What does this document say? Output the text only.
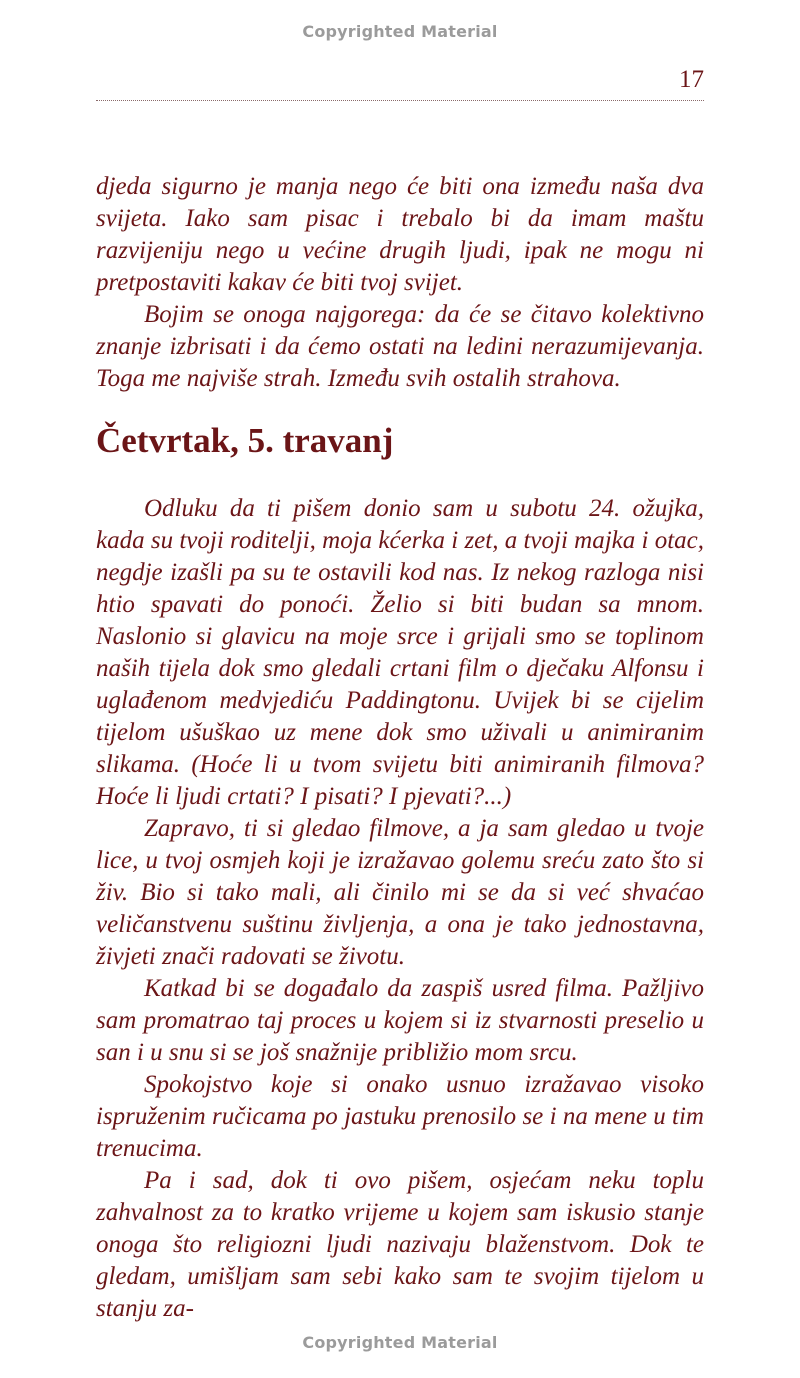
Copyrighted Material
17

djeda sigurno je manja nego će biti ona između naša dva svijeta. Iako sam pisac i trebalo bi da imam maštu razvijeniju nego u većine drugih ljudi, ipak ne mogu ni pretpostaviti kakav će biti tvoj svijet.

Bojim se onoga najgorega: da će se čitavo kolektivno znanje izbrisati i da ćemo ostati na ledini nerazumijevanja. Toga me najviše strah. Između svih ostalih strahova.

Četvrtak, 5. travanj

Odluku da ti pišem donio sam u subotu 24. ožujka, kada su tvoji roditelji, moja kćerka i zet, a tvoji majka i otac, negdje izašli pa su te ostavili kod nas. Iz nekog razloga nisi htio spavati do ponoći. Želio si biti budan sa mnom. Naslonio si glavicu na moje srce i grijali smo se toplinom naših tijela dok smo gledali crtani film o dječaku Alfonsu i uglađenom medvjediću Paddingtonu. Uvijek bi se cijelim tijelom ušuškao uz mene dok smo uživali u animiranim slikama. (Hoće li u tvom svijetu biti animiranih filmova? Hoće li ljudi crtati? I pisati? I pjevati?...)

Zapravo, ti si gledao filmove, a ja sam gledao u tvoje lice, u tvoj osmjeh koji je izražavao golemu sreću zato što si živ. Bio si tako mali, ali činilo mi se da si već shvaćao veličanstvenu suštinu življenja, a ona je tako jednostavna, živjeti znači radovati se životu.

Katkad bi se događalo da zaspiš usred filma. Pažljivo sam promatrao taj proces u kojem si iz stvarnosti preselio u san i u snu si se još snažnije približio mom srcu.

Spokojstvo koje si onako usnuo izražavao visoko ispruženim ručicama po jastuku prenosilo se i na mene u tim trenucima.

Pa i sad, dok ti ovo pišem, osjećam neku toplu zahvalnost za to kratko vrijeme u kojem sam iskusio stanje onoga što religiozni ljudi nazivaju blaženstvom. Dok te gledam, umišljam sam sebi kako sam te svojim tijelom u stanju za-

Copyrighted Material
